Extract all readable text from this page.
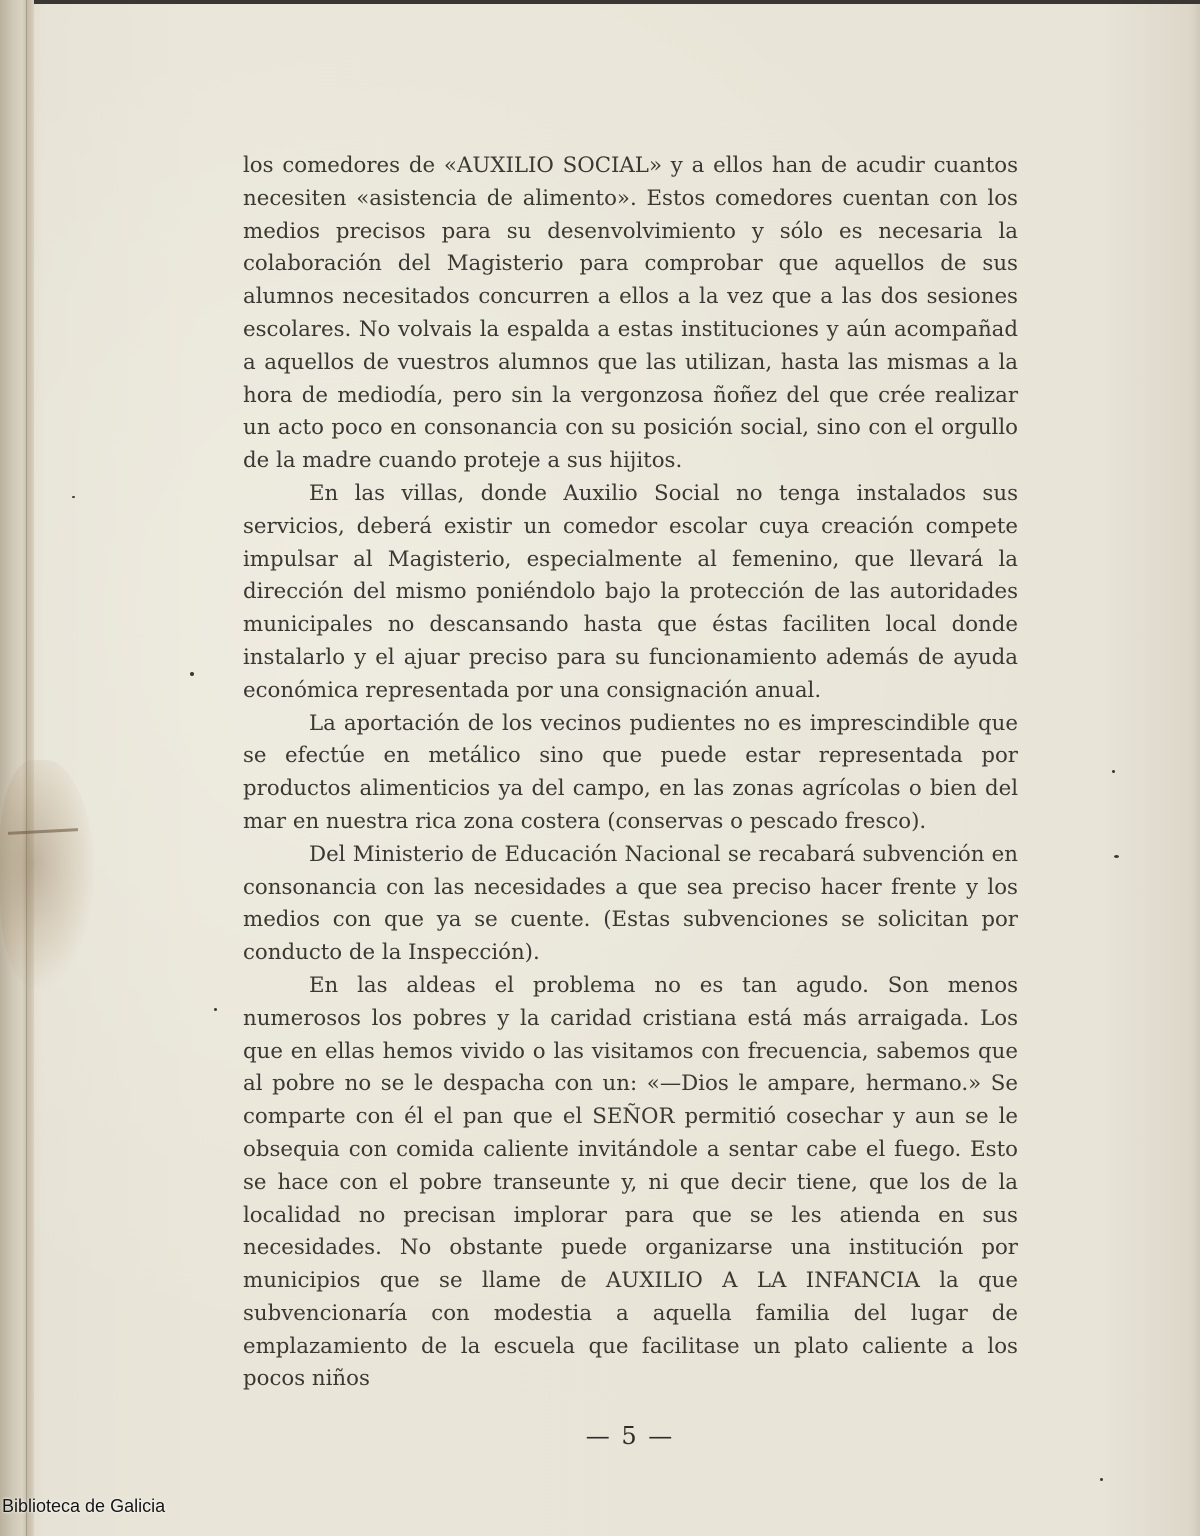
los comedores de «AUXILIO SOCIAL» y a ellos han de acudir cuantos necesiten «asistencia de alimento». Estos comedores cuentan con los medios precisos para su desenvolvimiento y sólo es necesaria la colaboración del Magisterio para comprobar que aquellos de sus alumnos necesitados concurren a ellos a la vez que a las dos sesiones escolares. No volvais la espalda a estas instituciones y aún acompañad a aquellos de vuestros alumnos que las utilizan, hasta las mismas a la hora de mediodía, pero sin la vergonzosa ñoñez del que crée realizar un acto poco en consonancia con su posición social, sino con el orgullo de la madre cuando proteje a sus hijitos.

En las villas, donde Auxilio Social no tenga instalados sus servicios, deberá existir un comedor escolar cuya creación compete impulsar al Magisterio, especialmente al femenino, que llevará la dirección del mismo poniéndolo bajo la protección de las autoridades municipales no descansando hasta que éstas faciliten local donde instalarlo y el ajuar preciso para su funcionamiento además de ayuda económica representada por una consignación anual.

La aportación de los vecinos pudientes no es imprescindible que se efectúe en metálico sino que puede estar representada por productos alimenticios ya del campo, en las zonas agrícolas o bien del mar en nuestra rica zona costera (conservas o pescado fresco).

Del Ministerio de Educación Nacional se recabará subvención en consonancia con las necesidades a que sea preciso hacer frente y los medios con que ya se cuente. (Estas subvenciones se solicitan por conducto de la Inspección).

En las aldeas el problema no es tan agudo. Son menos numerosos los pobres y la caridad cristiana está más arraigada. Los que en ellas hemos vivido o las visitamos con frecuencia, sabemos que al pobre no se le despacha con un: «—Dios le ampare, hermano.» Se comparte con él el pan que el SEÑOR permitió cosechar y aun se le obsequia con comida caliente invitándole a sentar cabe el fuego. Esto se hace con el pobre transeunte y, ni que decir tiene, que los de la localidad no precisan implorar para que se les atienda en sus necesidades. No obstante puede organizarse una institución por municipios que se llame de AUXILIO A LA INFANCIA la que subvencionaría con modestia a aquella familia del lugar de emplazamiento de la escuela que facilitase un plato caliente a los pocos niños

— 5 —
Biblioteca de Galicia
